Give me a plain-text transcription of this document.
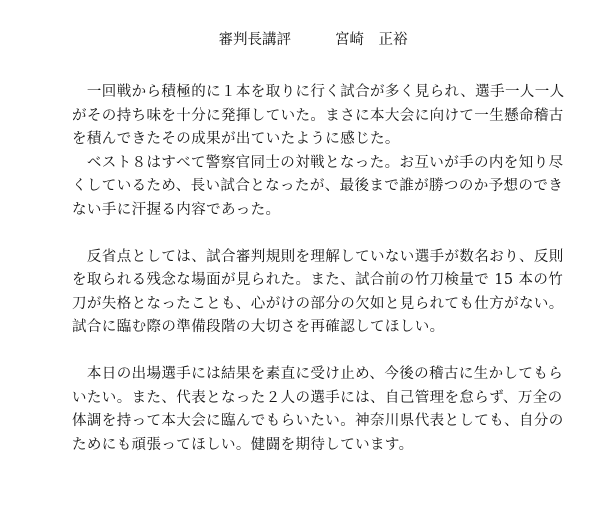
審判長講評	宮崎　正裕
　一回戦から積極的に１本を取りに行く試合が多く見られ、選手一人一人
がその持ち味を十分に発揮していた。まさに本大会に向けて一生懸命稽古
を積んできたその成果が出ていたように感じた。
　ベスト８はすべて警察官同士の対戦となった。お互いが手の内を知り尽
くしているため、長い試合となったが、最後まで誰が勝つのか予想のでき
ない手に汗握る内容であった。
　反省点としては、試合審判規則を理解していない選手が数名おり、反則
を取られる残念な場面が見られた。また、試合前の竹刀検量で 15 本の竹
刀が失格となったことも、心がけの部分の欠如と見られても仕方がない。
試合に臨む際の準備段階の大切さを再確認してほしい。
　本日の出場選手には結果を素直に受け止め、今後の稽古に生かしてもら
いたい。また、代表となった２人の選手には、自己管理を怠らず、万全の
体調を持って本大会に臨んでもらいたい。神奈川県代表としても、自分の
ためにも頑張ってほしい。健闘を期待しています。
